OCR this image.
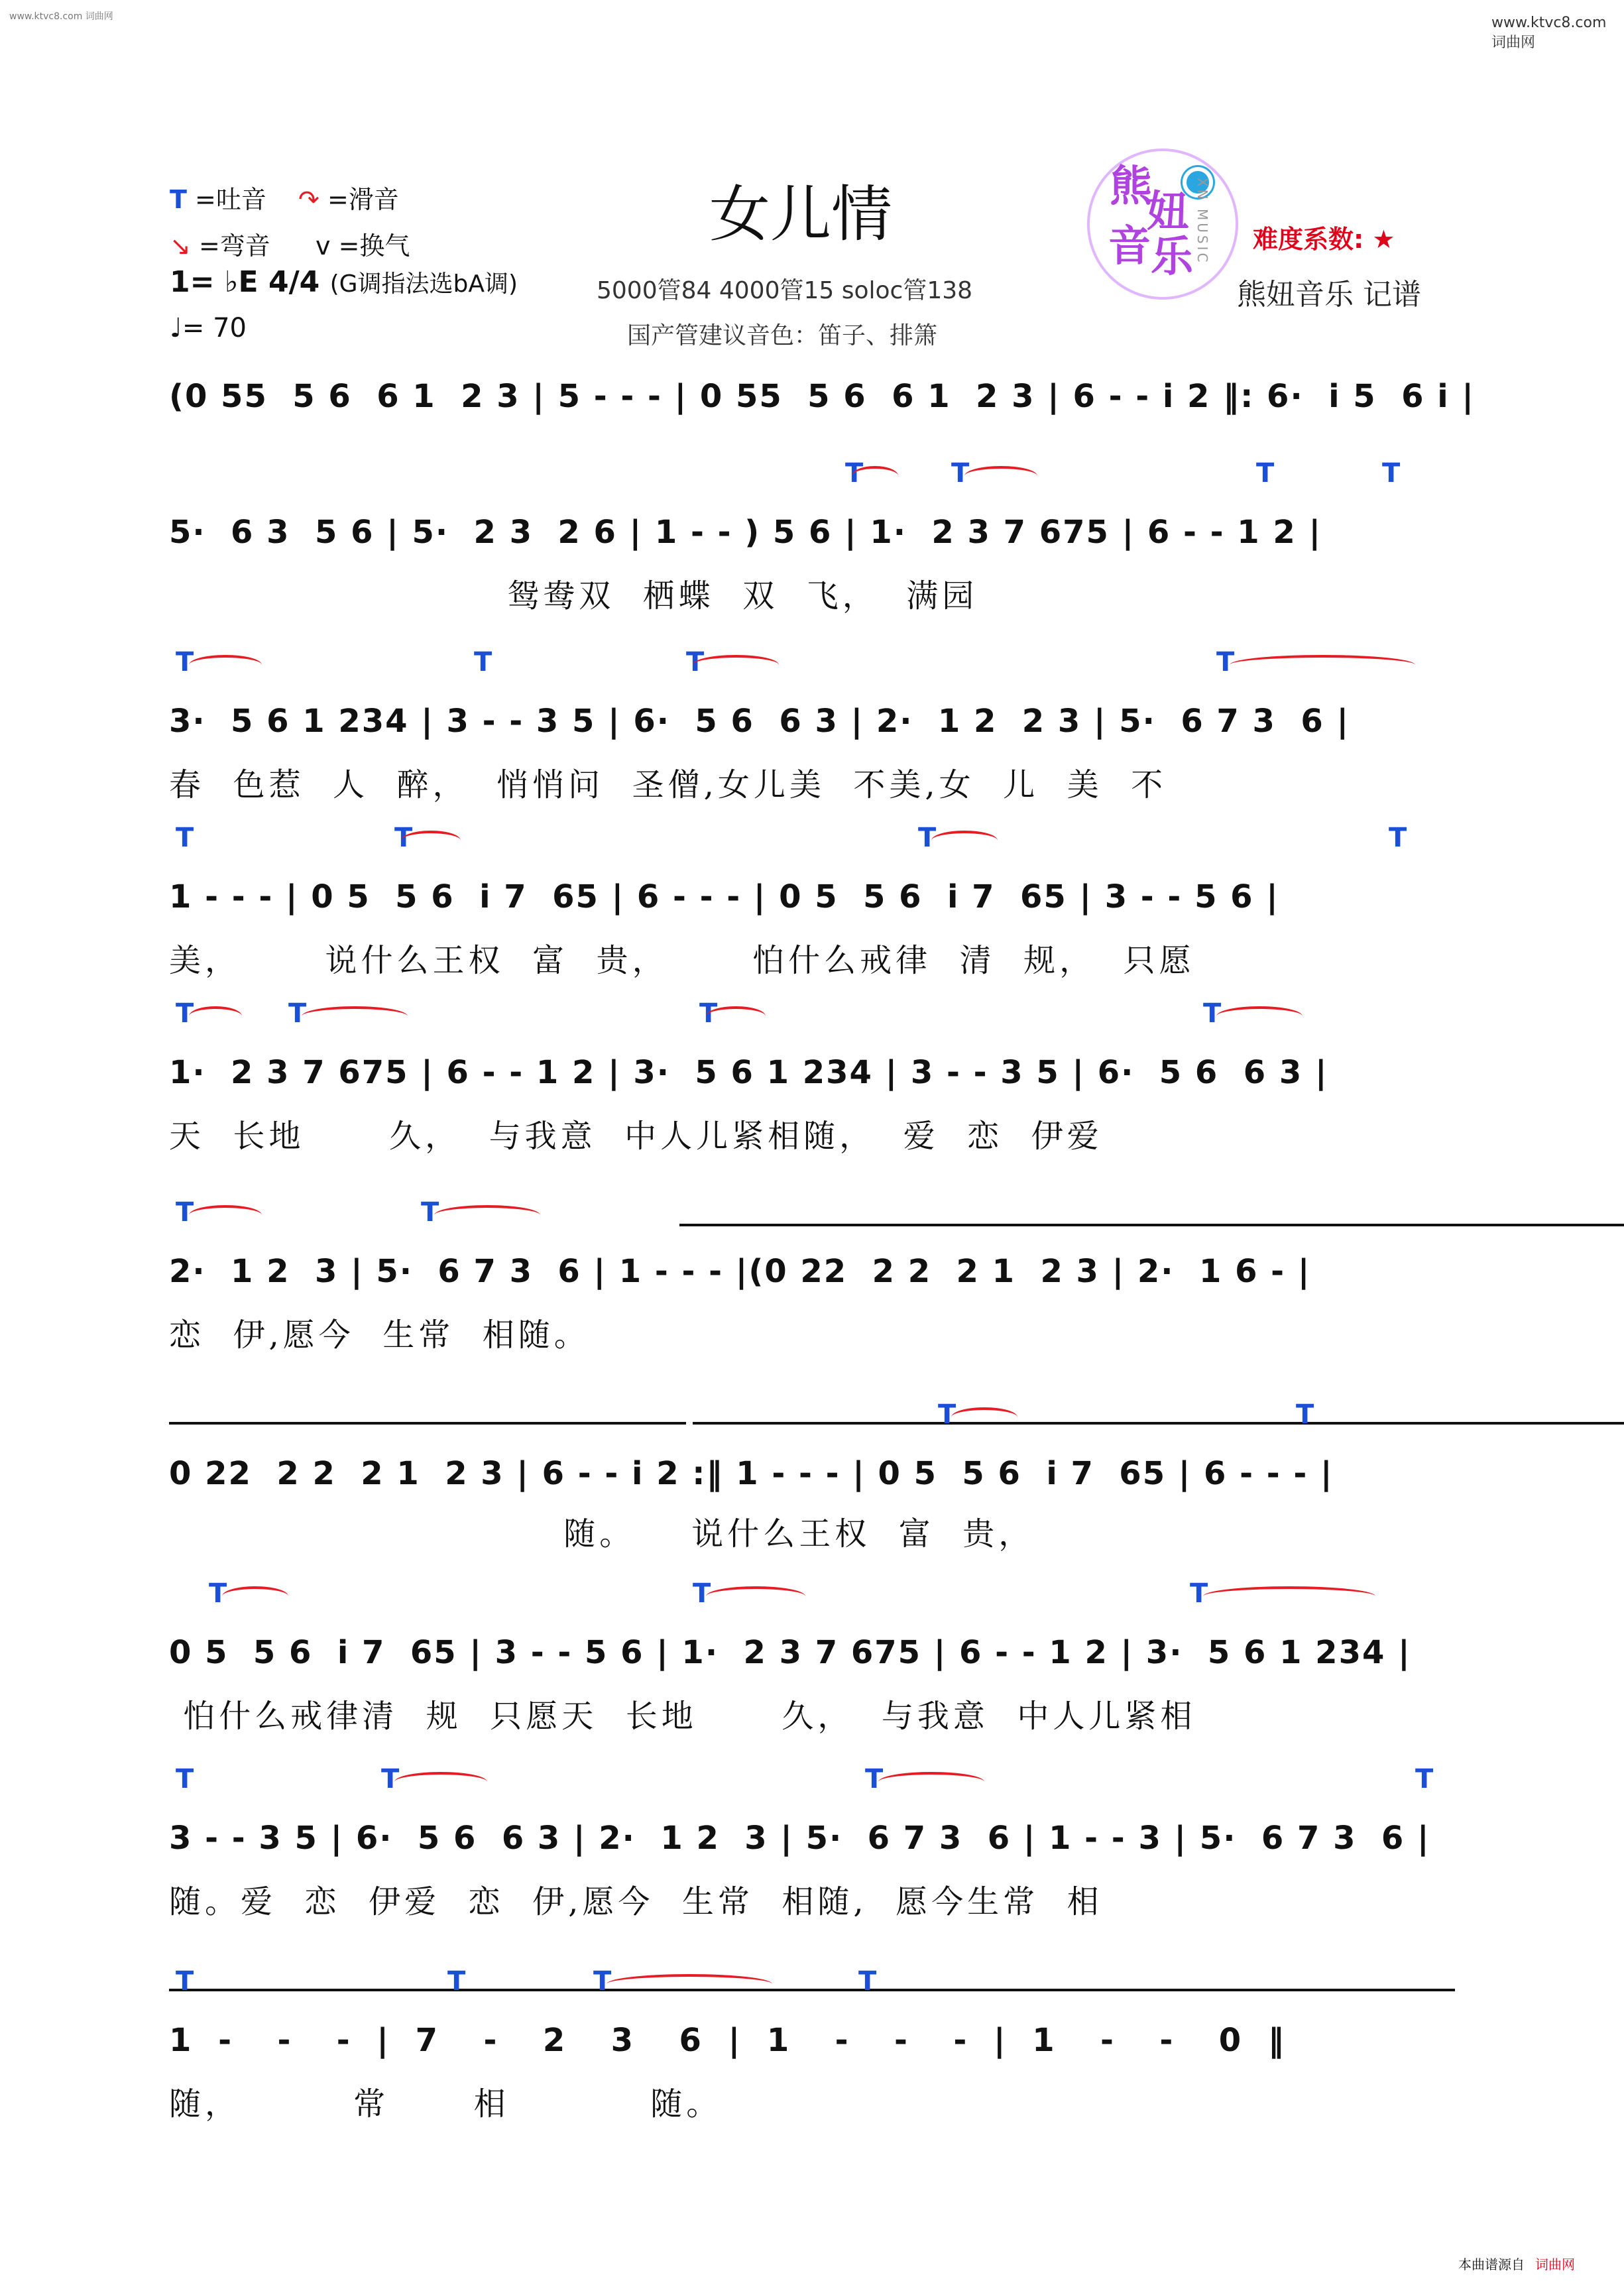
www.ktvc8.com 词曲网	www.ktvc8.com 词曲网
T =吐音 ↷ =滑音
↘ =弯音 v =换气	女儿情
1= ♭E 4/4 (G调指法选bA调)
♩= 70
5000管84 4000管15 soloc管138
国产管建议音色：笛子、排箫
熊
妞
音 乐 XN MUSIC 难度系数: ★
熊妞音乐 记谱
(0 55  5 6  6 1  2 3 | 5 - - - | 0 55  5 6  6 1  2 3 | 6 - - i 2 ‖: 6·  i 5  6 i |
T	T	T	T
5·  6 3  5 6 | 5·  2 3  2 6 | 1 - - ) 5 6 | 1·  2 3 7 675 | 6 - - 1 2 |
鸳鸯双  栖蝶  双  飞，  满园
T	T	T	T
3·  5 6 1 234 | 3 - - 3 5 | 6·  5 6  6 3 | 2·  1 2  2 3 | 5·  6 7 3  6 |
春  色惹  人  醉，  悄悄问  圣僧,女儿美  不美,女  儿  美  不
T	T	T	T
1 - - - | 0 5  5 6  i 7  65 | 6 - - - | 0 5  5 6  i 7  65 | 3 - - 5 6 |
美，      说什么王权  富  贵，      怕什么戒律  清  规，  只愿
T	T	T	T
1·  2 3 7 675 | 6 - - 1 2 | 3·  5 6 1 234 | 3 - - 3 5 | 6·  5 6  6 3 |
天  长地      久，  与我意  中人儿紧相随，  爱  恋  伊爱
T	T
2·  1 2  3 | 5·  6 7 3  6 | 1 - - - |(0 22  2 2  2 1  2 3 | 2·  1 6 - |
恋  伊,愿今  生常  相随。
T	T
0 22  2 2  2 1  2 3 | 6 - - i 2 :‖ 1 - - - | 0 5  5 6  i 7  65 | 6 - - - |
随。    说什么王权  富  贵，
T	T	T
0 5  5 6  i 7  65 | 3 - - 5 6 | 1·  2 3 7 675 | 6 - - 1 2 | 3·  5 6 1 234 |
怕什么戒律清  规  只愿天  长地      久，  与我意  中人儿紧相
T	T	T	T
3 - - 3 5 | 6·  5 6  6 3 | 2·  1 2  3 | 5·  6 7 3  6 | 1 - - 3 | 5·  6 7 3  6 |
随。爱  恋  伊爱  恋  伊,愿今  生常  相随,  愿今生常  相
T	T	T	T
1 -  -  - | 7  -  2  3  6 | 1  -  -  - | 1  -  -  0 ‖
随，        常      相          随。
本曲谱源自 词曲网
